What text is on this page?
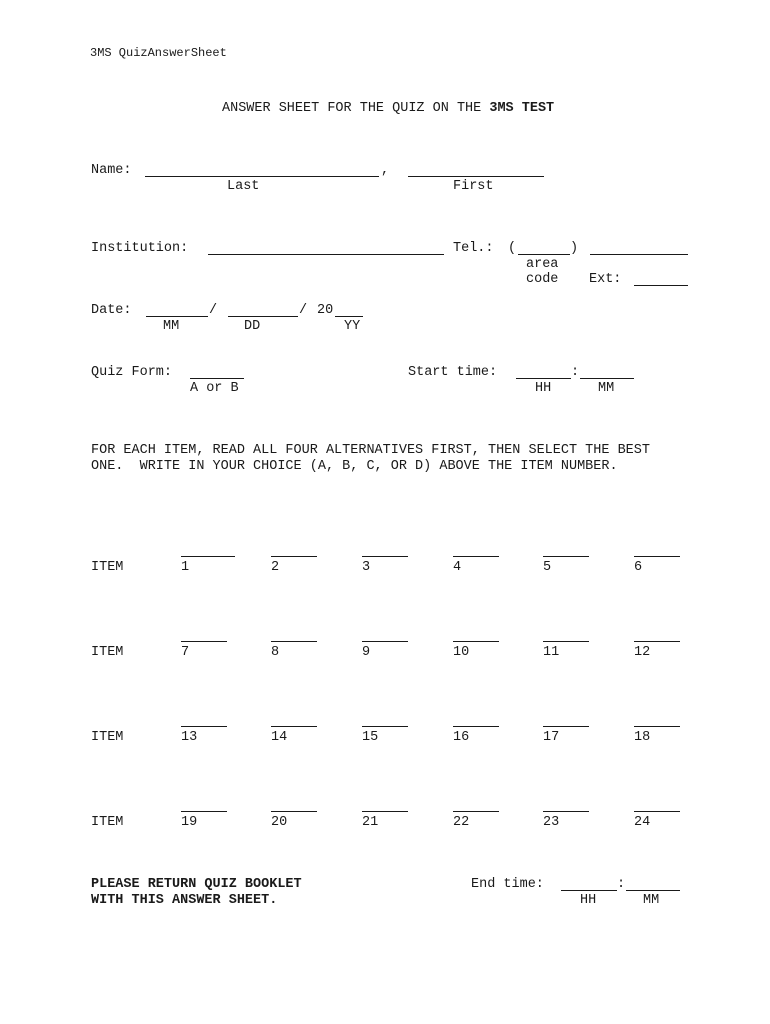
3MS QuizAnswerSheet
ANSWER SHEET FOR THE QUIZ ON THE 3MS TEST
Name:	,
Last	First
Institution:	Tel.: (	)
area
code Ext:
Date:	/	/ 20
MM	DD	YY
Quiz Form:
A or B
Start time:	:
HH	MM
FOR EACH ITEM, READ ALL FOUR ALTERNATIVES FIRST, THEN SELECT THE BEST
ONE.  WRITE IN YOUR CHOICE (A, B, C, OR D) ABOVE THE ITEM NUMBER.
ITEM	1	2	3	4	5	6
ITEM	7	8	9	10	11	12
ITEM	13	14	15	16	17	18
ITEM	19	20	21	22	23	24
PLEASE RETURN QUIZ BOOKLET
WITH THIS ANSWER SHEET.
End time:	:
HH	MM
